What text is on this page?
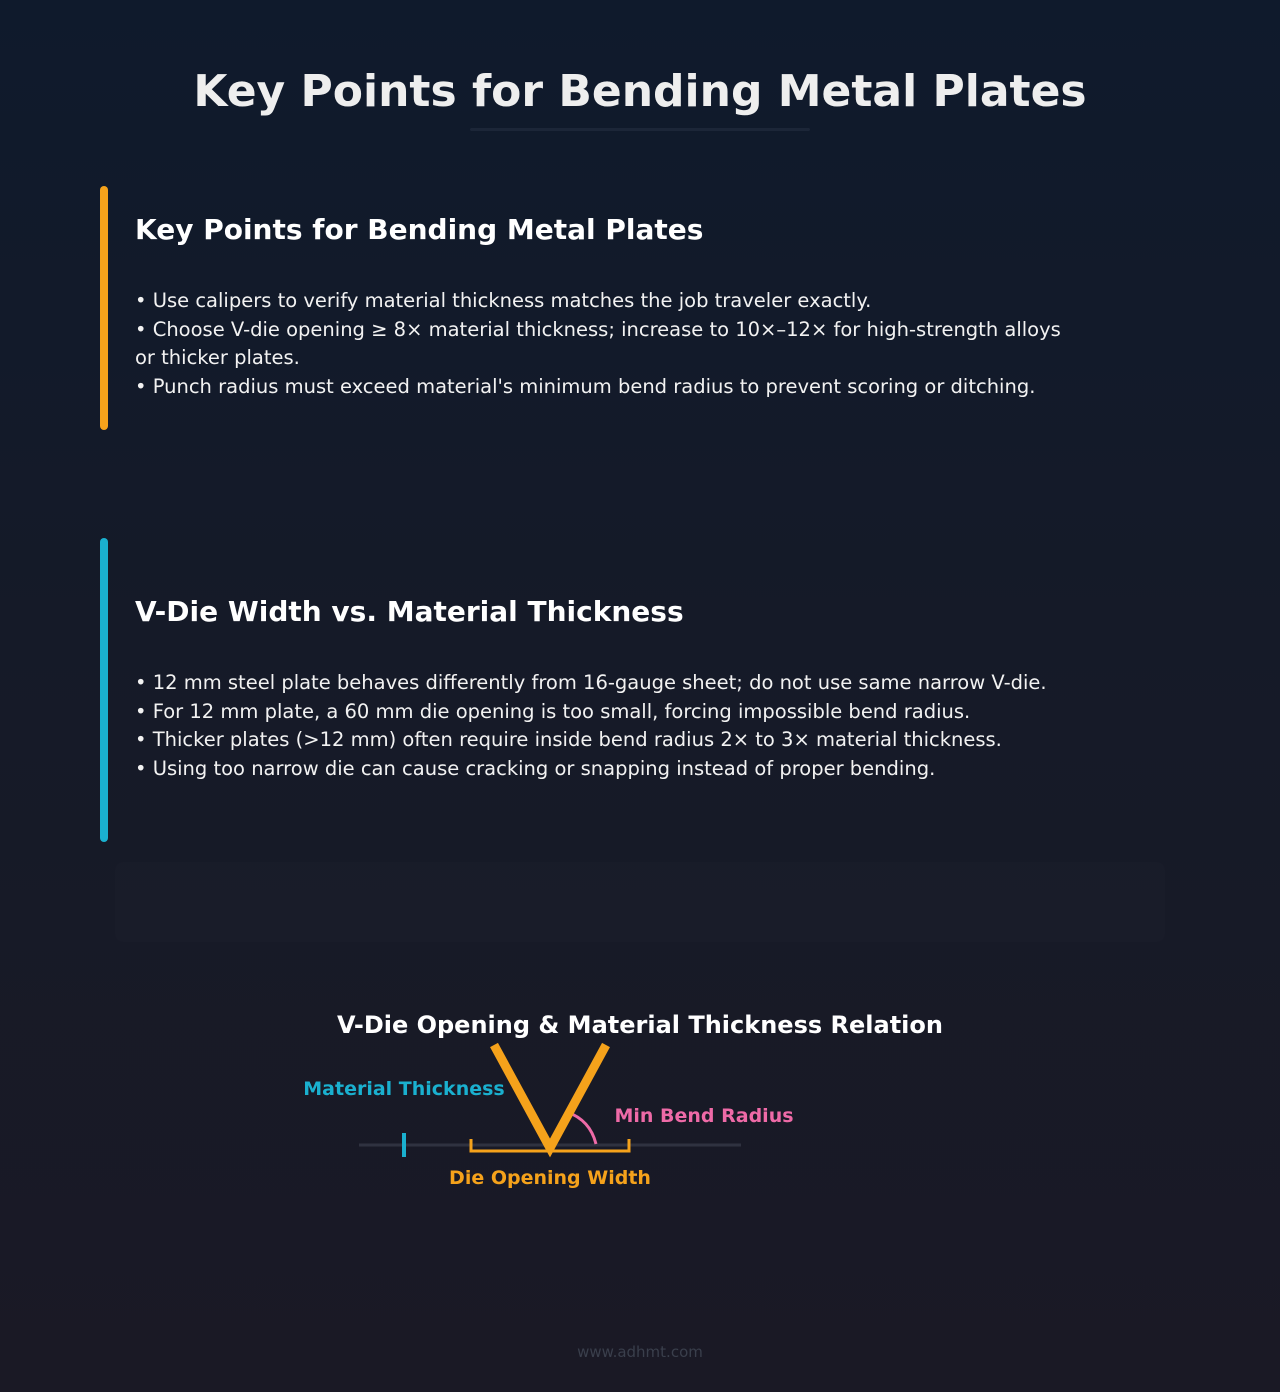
Key Points for Bending Metal Plates
Key Points for Bending Metal Plates
• Use calipers to verify material thickness matches the job traveler exactly.
• Choose V-die opening ≥ 8× material thickness; increase to 10×–12× for high-strength alloys or thicker plates.
• Punch radius must exceed material's minimum bend radius to prevent scoring or ditching.
V-Die Width vs. Material Thickness
• 12 mm steel plate behaves differently from 16-gauge sheet; do not use same narrow V-die.
• For 12 mm plate, a 60 mm die opening is too small, forcing impossible bend radius.
• Thicker plates (>12 mm) often require inside bend radius 2× to 3× material thickness.
• Using too narrow die can cause cracking or snapping instead of proper bending.
V-Die Opening & Material Thickness Relation
Material Thickness
Die Opening Width
Min Bend Radius
www.adhmt.com
